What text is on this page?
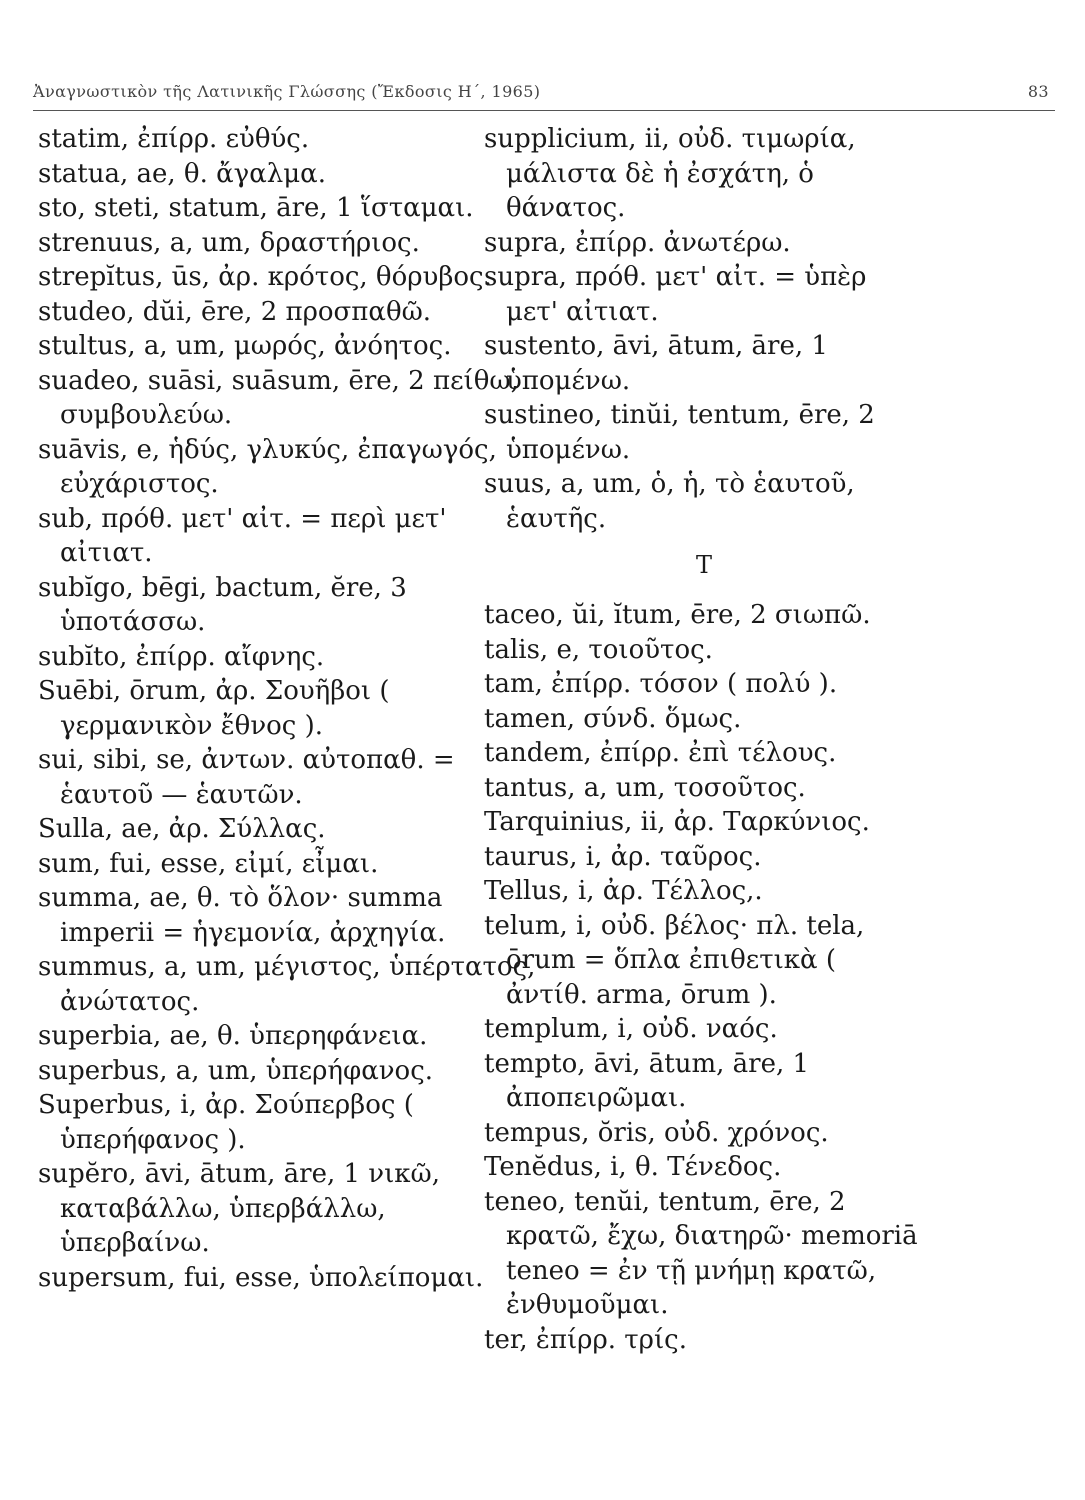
Ἀναγνωστικὸν τῆς Λατινικῆς Γλώσσης (Ἔκδοσις Η΄, 1965)	83

statim, ἐπίρρ. εὐθύς.

statua, ae, θ. ἄγαλμα.

sto, steti, statum, āre, 1 ἵσταμαι.

strenuus, a, um, δραστήριος.

strepĭtus, ūs, ἀρ. κρότος, θόρυβος.

studeo, dŭi, ēre, 2 προσπαθῶ.

stultus, a, um, μωρός, ἀνόητος.

suadeo, suāsi, suāsum, ēre, 2 πείθω, συμβουλεύω.

suāvis, e, ἡδύς, γλυκύς, ἐπαγωγός, εὐχάριστος.

sub, πρόθ. μετ' αἰτ. = περὶ μετ' αἰτιατ.

subĭgo, bēgi, bactum, ĕre, 3 ὑποτάσσω.

subĭto, ἐπίρρ. αἴφνης.

Suēbi, ōrum, ἀρ. Σουῆβοι ( γερμανικὸν ἔθνος ).

sui, sibi, se, ἀντων. αὐτοπαθ. = ἑαυτοῦ — ἑαυτῶν.

Sulla, ae, ἀρ. Σύλλας.

sum, fui, esse, εἰμί, εἶμαι.

summa, ae, θ. τὸ ὅλον· summa imperii = ἡγεμονία, ἀρχηγία.

summus, a, um, μέγιστος, ὑπέρτατος, ἀνώτατος.

superbia, ae, θ. ὑπερηφάνεια.

superbus, a, um, ὑπερήφανος.

Superbus, i, ἀρ. Σούπερβος ( ὑπερήφανος ).

supĕro, āvi, ātum, āre, 1 νικῶ, καταβάλλω, ὑπερβάλλω, ὑπερβαίνω.

supersum, fui, esse, ὑπολείπομαι.

supplicium, ii, οὐδ. τιμωρία, μάλιστα δὲ ἡ ἐσχάτη, ὁ θάνατος.

supra, ἐπίρρ. ἀνωτέρω.

supra, πρόθ. μετ' αἰτ. = ὑπὲρ μετ' αἰτιατ.

sustento, āvi, ātum, āre, 1 ὑπομένω.

sustineo, tinŭi, tentum, ēre, 2 ὑπομένω.

suus, a, um, ὁ, ἡ, τὸ ἑαυτοῦ, ἑαυτῆς.

T

taceo, ŭi, ĭtum, ēre, 2 σιωπῶ.

talis, e, τοιοῦτος.

tam, ἐπίρρ. τόσον ( πολύ ).

tamen, σύνδ. ὅμως.

tandem, ἐπίρρ. ἐπὶ τέλους.

tantus, a, um, τοσοῦτος.

Tarquinius, ii, ἀρ. Ταρκύνιος.

taurus, i, ἀρ. ταῦρος.

Tellus, i, ἀρ. Τέλλος,.

telum, i, οὐδ. βέλος· πλ. tela, ōrum = ὅπλα ἐπιθετικὰ ( ἀντίθ. arma, ōrum ).

templum, i, οὐδ. ναός.

tempto, āvi, ātum, āre, 1 ἀποπειρῶμαι.

tempus, ŏris, οὐδ. χρόνος.

Tenĕdus, i, θ. Τένεδος.

teneo, tenŭi, tentum, ēre, 2 κρατῶ, ἔχω, διατηρῶ· memoriā teneo = ἐν τῇ μνήμῃ κρατῶ, ἐνθυμοῦμαι.

ter, ἐπίρρ. τρίς.
